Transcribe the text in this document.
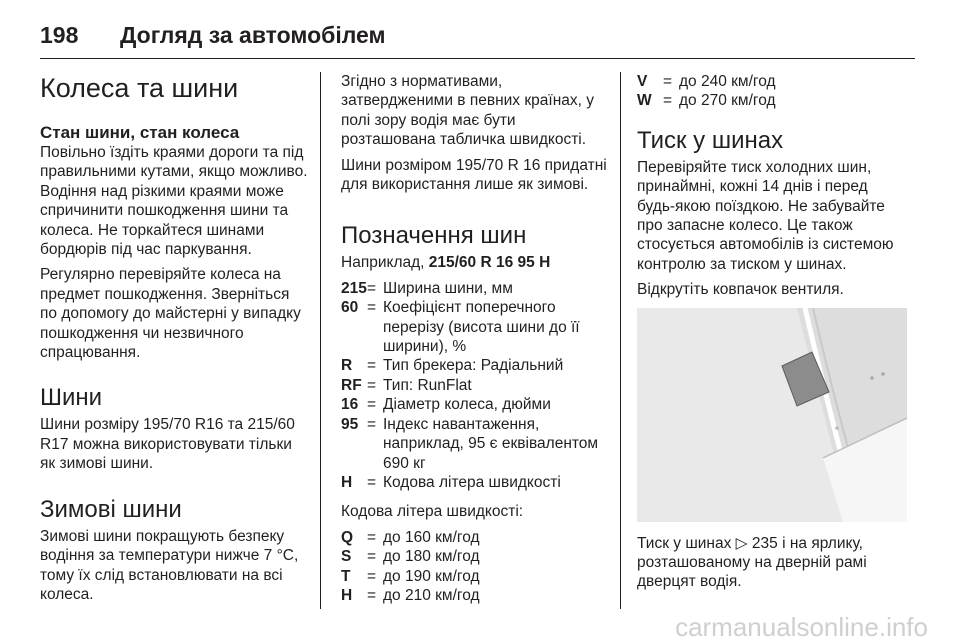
198 Догляд за автомобілем
Колеса та шини
Стан шини, стан колеса

Повільно їздіть краями дороги та під правильними кутами, якщо можливо. Водіння над різкими краями може спричинити пошкодження шини та колеса. Не торкайтеся шинами бордюрів під час паркування.

Регулярно перевіряйте колеса на предмет пошкодження. Зверніться по допомогу до майстерні у випадку пошкодження чи незвичного спрацювання.

Шини

Шини розміру 195/70 R16 та 215/60 R17 можна використовувати тільки як зимові шини.

Зимові шини

Зимові шини покращують безпеку водіння за температури нижче 7 °C, тому їх слід встановлювати на всі колеса.

Згідно з нормативами, затвердженими в певних країнах, у полі зору водія має бути розташована табличка швидкості.

Шини розміром 195/70 R 16 придатні для використання лише як зимові.

Позначення шин

Наприклад, 215/60 R 16 95 H

215 = Ширина шини, мм
60 = Коефіцієнт поперечного перерізу (висота шини до її ширини), %
R = Тип брекера: Радіальний
RF = Тип: RunFlat
16 = Діаметр колеса, дюйми
95 = Індекс навантаження, наприклад, 95 є еквівалентом 690 кг
H = Кодова літера швидкості

Кодова літера швидкості:

Q = до 160 км/год
S	= до 180 км/год
T	= до 190 км/год
H = до 210 км/год
V	= до 240 км/год
W = до 270 км/год
Тиск у шинах

Перевіряйте тиск холодних шин, принаймні, кожні 14 днів і перед будь-якою поїздкою. Не забувайте про запасне колесо. Це також стосується автомобілів із системою контролю за тиском у шинах.

Відкрутіть ковпачок вентиля.

Тиск у шинах ▷ 235 і на ярлику, розташованому на дверній рамі дверцят водія.

carmanualsonline.info
